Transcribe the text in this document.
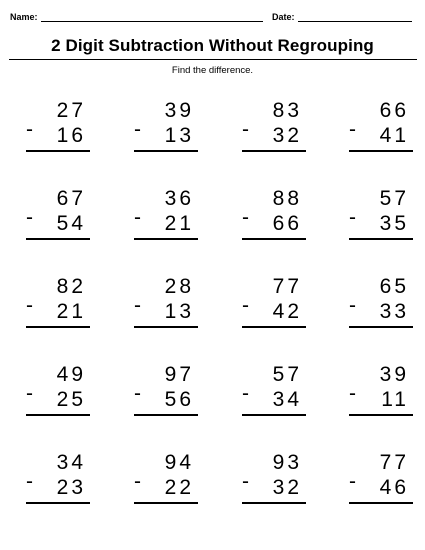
Name:	Date:
2 Digit Subtraction Without Regrouping
Find the difference.
27
- 16
39
- 13
83
- 32
66
- 41
67
- 54
36
- 21
88
- 66
57
- 35
82
- 21
28
- 13
77
- 42
65
- 33
49
- 25
97
- 56
57
- 34
39
- 11
34
- 23
94
- 22
93
- 32
77
- 46
